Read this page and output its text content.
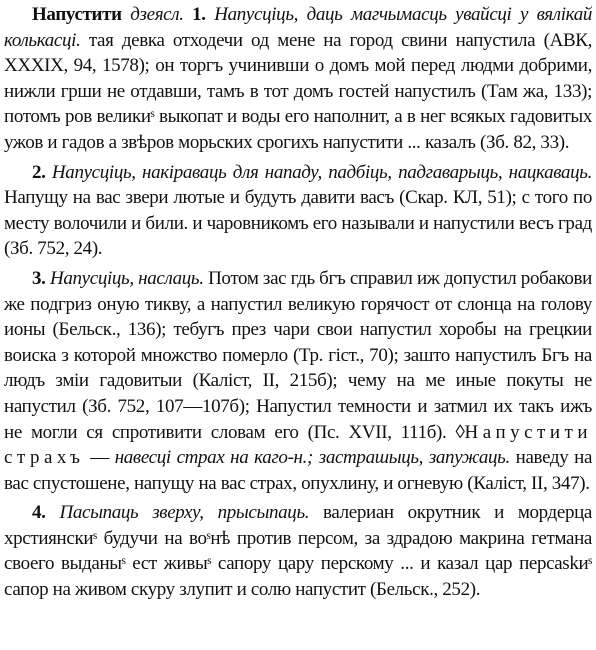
Напустити дзеясл. 1. Напусціць, даць магчымасць увайсці у вялікай колькасці. тая девка отходечи од мене на город свини напустила (АВК, XXXIX, 94, 1578); он торгъ учинивши о домъ мой перед людми добрими, нижли грши не отдавши, тамъ в тот домъ гостей напустилъ (Там жа, 133); потомъ рoв великиˢ выкопат и воды его наполнит, а в нег всякых гадовитых ужов и гадов а звѣров морьских срогихъ напустити ... казалъ (Зб. 82, 33).

2. Напусціць, накіраваць для нападу, падбіць, падгаварыць, нацкаваць. Напущу на вас звери лютые и будуть давити васъ (Скар. КЛ, 51); с того по месту волочили и били. и чаровникомъ его называли и напустили весъ град (Зб. 752, 24).

3. Напусціць, наслаць. Потом зас гдь бгъ справил иж допустил робакови же подгриз оную тикву, а напустил великую горячост от слонца на голову ионы (Бельск., 136); тебугъ през чари свои напустил хоробы на грецкии воиска з которой множство померло (Тр. гіст., 70); зашто напустилъ Бгъ на людъ зміи гадовитыи (Каліст, II, 215б); чему на ме иные покуты не напустил (Зб. 752, 107—107б); Напустил темности и затмил их такъ ижъ не могли ся спротивити словам его (Пс. XVII, 111б). ◊Напустити страхъ — навесці страх на каго-н.; застрашыць, запужаць. наведу на вас спустошене, напущу на вас страх, опухлину, и огневую (Каліст, II, 347).

4. Пасыпаць зверху, прысыпаць. валериан окрутник и мордерца хрстиянскиˢ будучи на воˢнѣ против персом, за здрадою макрина гетмана своего выданыˢ ест живыˢ сапору цару перскому ... и казал цар персaskиˢ сапор на живом скуру злупит и солю напустит (Бельск., 252).
